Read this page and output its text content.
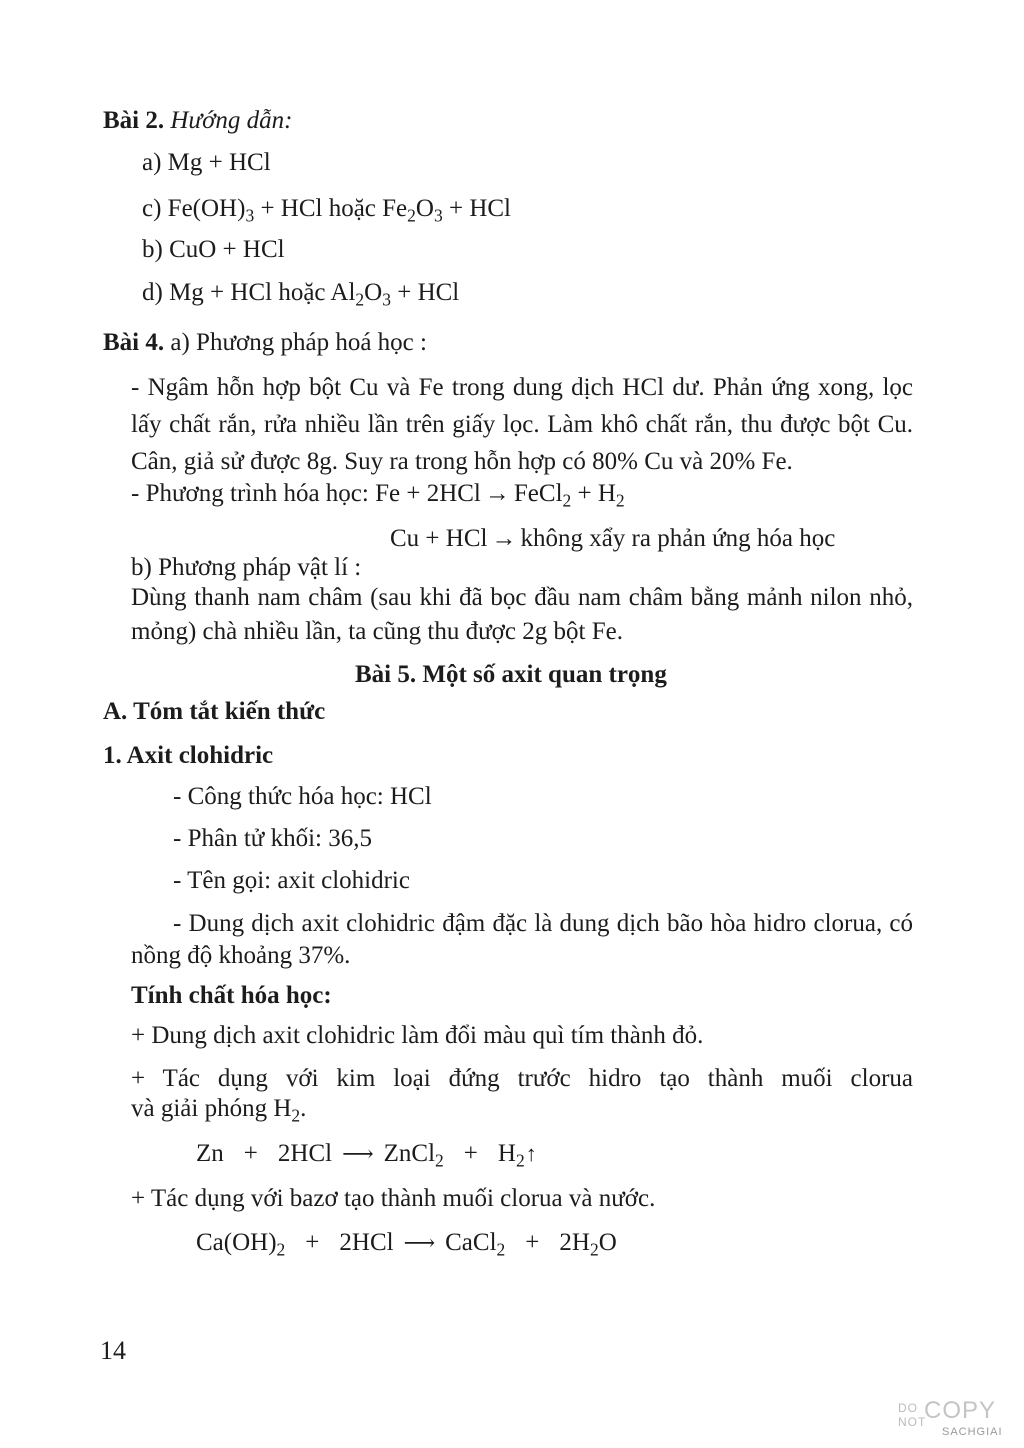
Bài 2. Hướng dẫn:
a) Mg + HCl
c) $Fe(OH)_3$ + HCl hoặc $Fe_2O_3$ + HCl
b) CuO + HCl
d) Mg + HCl hoặc $Al_2O_3$ + HCl
Bài 4. a) Phương pháp hoá học :
- Ngâm hỗn hợp bột Cu và Fe trong dung dịch HCl dư. Phản ứng xong, lọc lấy chất rắn, rửa nhiều lần trên giấy lọc. Làm khô chất rắn, thu được bột Cu. Cân, giả sử được 8g. Suy ra trong hỗn hợp có 80% Cu và 20% Fe.
- Phương trình hóa học: Fe + 2HCl → FeCl$_2$ + $H_2$
Cu + HCl → không xẩy ra phản ứng hóa học
b) Phương pháp vật lí :
Dùng thanh nam châm (sau khi đã bọc đầu nam châm bằng mảnh nilon nhỏ, mỏng) chà nhiều lần, ta cũng thu được 2g bột Fe.
Bài 5. Một số axit quan trọng
A. Tóm tắt kiến thức
1. Axit clohidric
- Công thức hóa học: HCl
- Phân tử khối: 36,5
- Tên gọi: axit clohidric
- Dung dịch axit clohidric đậm đặc là dung dịch bão hòa hidro clorua, có nồng độ khoảng 37%.
Tính chất hóa học:
+ Dung dịch axit clohidric làm đổi màu quì tím thành đỏ.
+ Tác dụng với kim loại đứng trước hidro tạo thành muối clorua
và giải phóng $H_2$.
Zn + 2HCl ⟶ ZnCl$_2$ + $H_2↑$
+ Tác dụng với bazơ tạo thành muối clorua và nước.
$Ca(OH)_2 + 2HCl$ ⟶ CaCl$_2$ + $2H_2O$
14
DO
NOT
COPY
SACHGIAI
